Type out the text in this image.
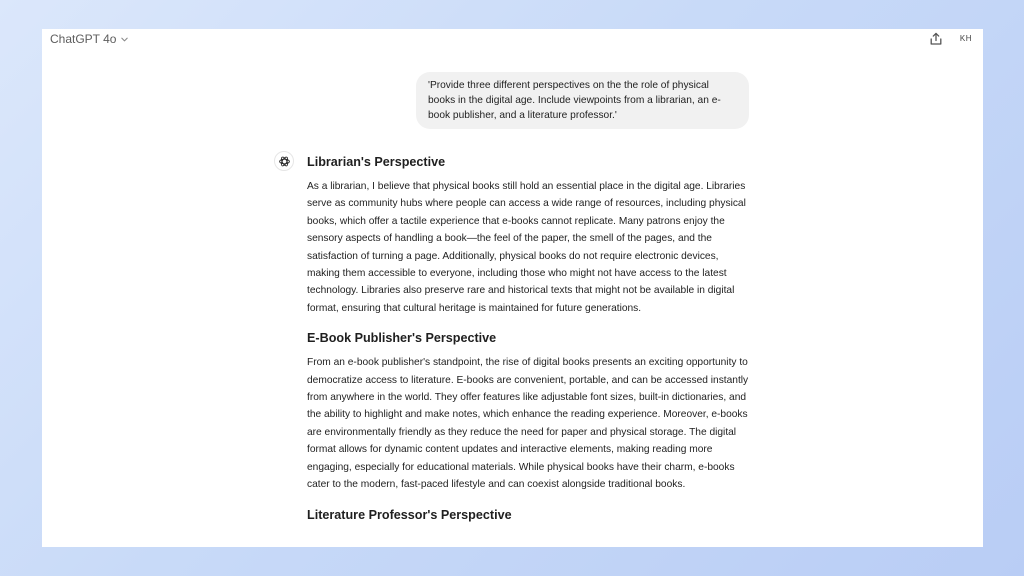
ChatGPT 4o	KH
'Provide three different perspectives on the the role of physical books in the digital age. Include viewpoints from a librarian, an e-book publisher, and a literature professor.'
Librarian's Perspective

As a librarian, I believe that physical books still hold an essential place in the digital age. Libraries serve as community hubs where people can access a wide range of resources, including physical books, which offer a tactile experience that e-books cannot replicate. Many patrons enjoy the sensory aspects of handling a book—the feel of the paper, the smell of the pages, and the satisfaction of turning a page. Additionally, physical books do not require electronic devices, making them accessible to everyone, including those who might not have access to the latest technology. Libraries also preserve rare and historical texts that might not be available in digital format, ensuring that cultural heritage is maintained for future generations.

E-Book Publisher's Perspective

From an e-book publisher's standpoint, the rise of digital books presents an exciting opportunity to democratize access to literature. E-books are convenient, portable, and can be accessed instantly from anywhere in the world. They offer features like adjustable font sizes, built-in dictionaries, and the ability to highlight and make notes, which enhance the reading experience. Moreover, e-books are environmentally friendly as they reduce the need for paper and physical storage. The digital format allows for dynamic content updates and interactive elements, making reading more engaging, especially for educational materials. While physical books have their charm, e-books cater to the modern, fast-paced lifestyle and can coexist alongside traditional books.

Literature Professor's Perspective
